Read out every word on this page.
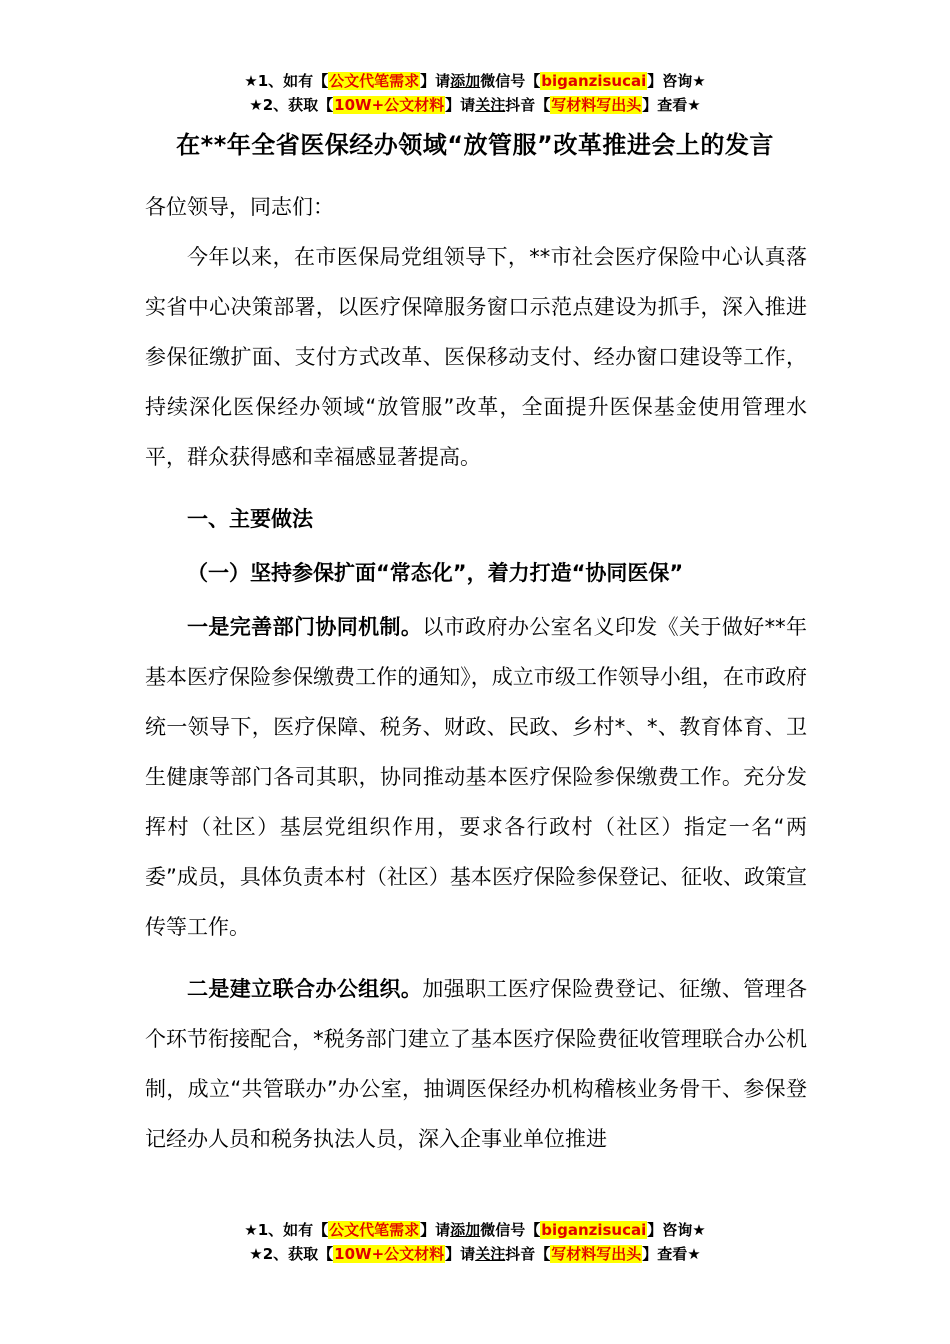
★1、如有【公文代笔需求】请添加微信号【biganzisucai】咨询★
★2、获取【10W+公文材料】请关注抖音【写材料写出头】查看★
在**年全省医保经办领域“放管服”改革推进会上的发言

各位领导，同志们：

今年以来，在市医保局党组领导下，**市社会医疗保险中心认真落实省中心决策部署，以医疗保障服务窗口示范点建设为抓手，深入推进参保征缴扩面、支付方式改革、医保移动支付、经办窗口建设等工作，持续深化医保经办领域“放管服”改革，全面提升医保基金使用管理水平，群众获得感和幸福感显著提高。

一、主要做法

（一）坚持参保扩面“常态化”，着力打造“协同医保”

一是完善部门协同机制。以市政府办公室名义印发《关于做好**年基本医疗保险参保缴费工作的通知》，成立市级工作领导小组，在市政府统一领导下，医疗保障、税务、财政、民政、乡村*、*、教育体育、卫生健康等部门各司其职，协同推动基本医疗保险参保缴费工作。充分发挥村（社区）基层党组织作用，要求各行政村（社区）指定一名“两委”成员，具体负责本村（社区）基本医疗保险参保登记、征收、政策宣传等工作。

二是建立联合办公组织。加强职工医疗保险费登记、征缴、管理各个环节衔接配合，*税务部门建立了基本医疗保险费征收管理联合办公机制，成立“共管联办”办公室，抽调医保经办机构稽核业务骨干、参保登记经办人员和税务执法人员，深入企事业单位推进

★1、如有【公文代笔需求】请添加微信号【biganzisucai】咨询★
★2、获取【10W+公文材料】请关注抖音【写材料写出头】查看★
